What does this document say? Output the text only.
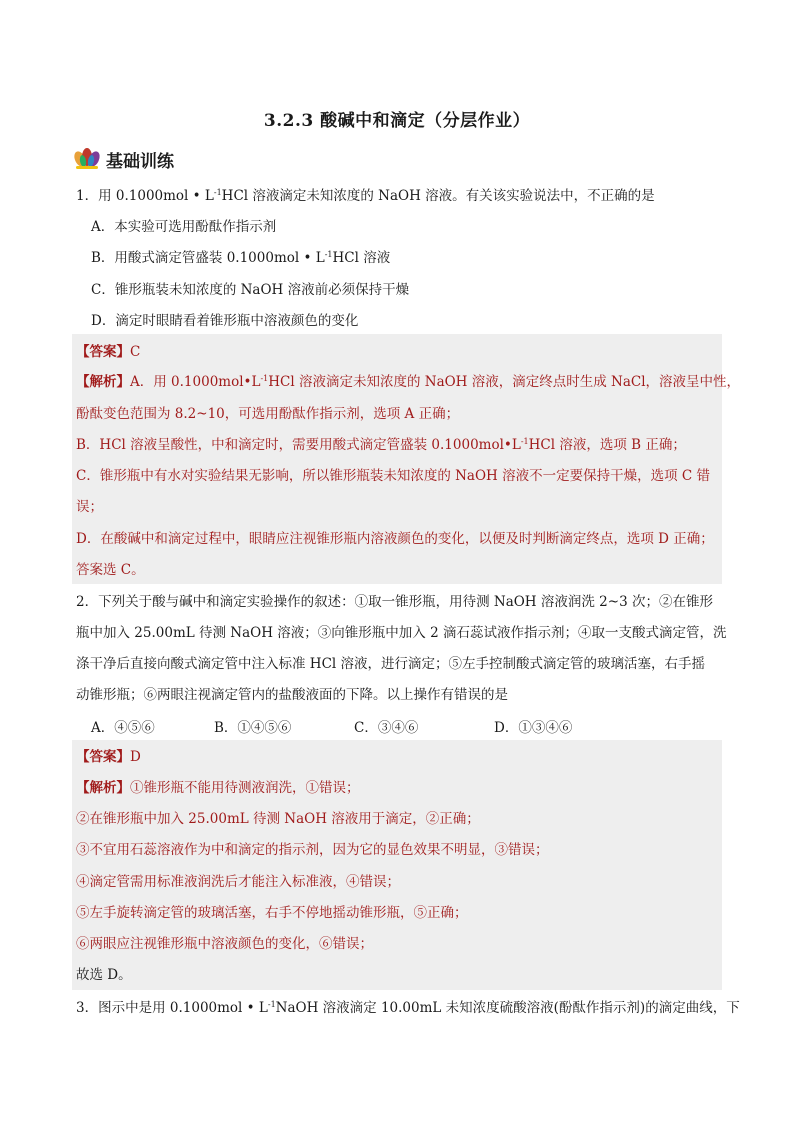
3.2.3 酸碱中和滴定（分层作业）
基础训练
1．用 0.1000mol • $L^{-1}HCl$ 溶液滴定未知浓度的 NaOH 溶液。有关该实验说法中，不正确的是
A．本实验可选用酚酞作指示剂
B．用酸式滴定管盛装 0.1000mol • $L^{-1}HCl$ 溶液
C．锥形瓶装未知浓度的 NaOH 溶液前必须保持干燥
D．滴定时眼睛看着锥形瓶中溶液颜色的变化
【答案】C
【解析】A．用 $0.1000mol•L^{-1}HCl$ 溶液滴定未知浓度的 NaOH 溶液，滴定终点时生成 NaCl，溶液呈中性，
酚酞变色范围为 8.2~10，可选用酚酞作指示剂，选项 A 正确；
B．HCl 溶液呈酸性，中和滴定时，需要用酸式滴定管盛装 $0.1000mol•L^{-1}HCl$ 溶液，选项 B 正确；
C．锥形瓶中有水对实验结果无影响，所以锥形瓶装未知浓度的 NaOH 溶液不一定要保持干燥，选项 C 错
误；
D．在酸碱中和滴定过程中，眼睛应注视锥形瓶内溶液颜色的变化，以便及时判断滴定终点，选项 D 正确；
答案选 C。
2．下列关于酸与碱中和滴定实验操作的叙述：①取一锥形瓶，用待测 NaOH 溶液润洗 2~3 次；②在锥形
瓶中加入 25.00mL 待测 NaOH 溶液；③向锥形瓶中加入 2 滴石蕊试液作指示剂；④取一支酸式滴定管，洗
涤干净后直接向酸式滴定管中注入标准 HCl 溶液，进行滴定；⑤左手控制酸式滴定管的玻璃活塞，右手摇
动锥形瓶；⑥两眼注视滴定管内的盐酸液面的下降。以上操作有错误的是
A．④⑤⑥	B．①④⑤⑥	C．③④⑥	D．①③④⑥
【答案】D
【解析】①锥形瓶不能用待测液润洗，①错误；
②在锥形瓶中加入 25.00mL 待测 NaOH 溶液用于滴定，②正确；
③不宜用石蕊溶液作为中和滴定的指示剂，因为它的显色效果不明显，③错误；
④滴定管需用标准液润洗后才能注入标准液，④错误；
⑤左手旋转滴定管的玻璃活塞，右手不停地摇动锥形瓶，⑤正确；
⑥两眼应注视锥形瓶中溶液颜色的变化，⑥错误；
故选 D。
3．图示中是用 0.1000mol • $L^{-1}NaOH$ 溶液滴定 10.00mL 未知浓度硫酸溶液(酚酞作指示剂)的滴定曲线，下
